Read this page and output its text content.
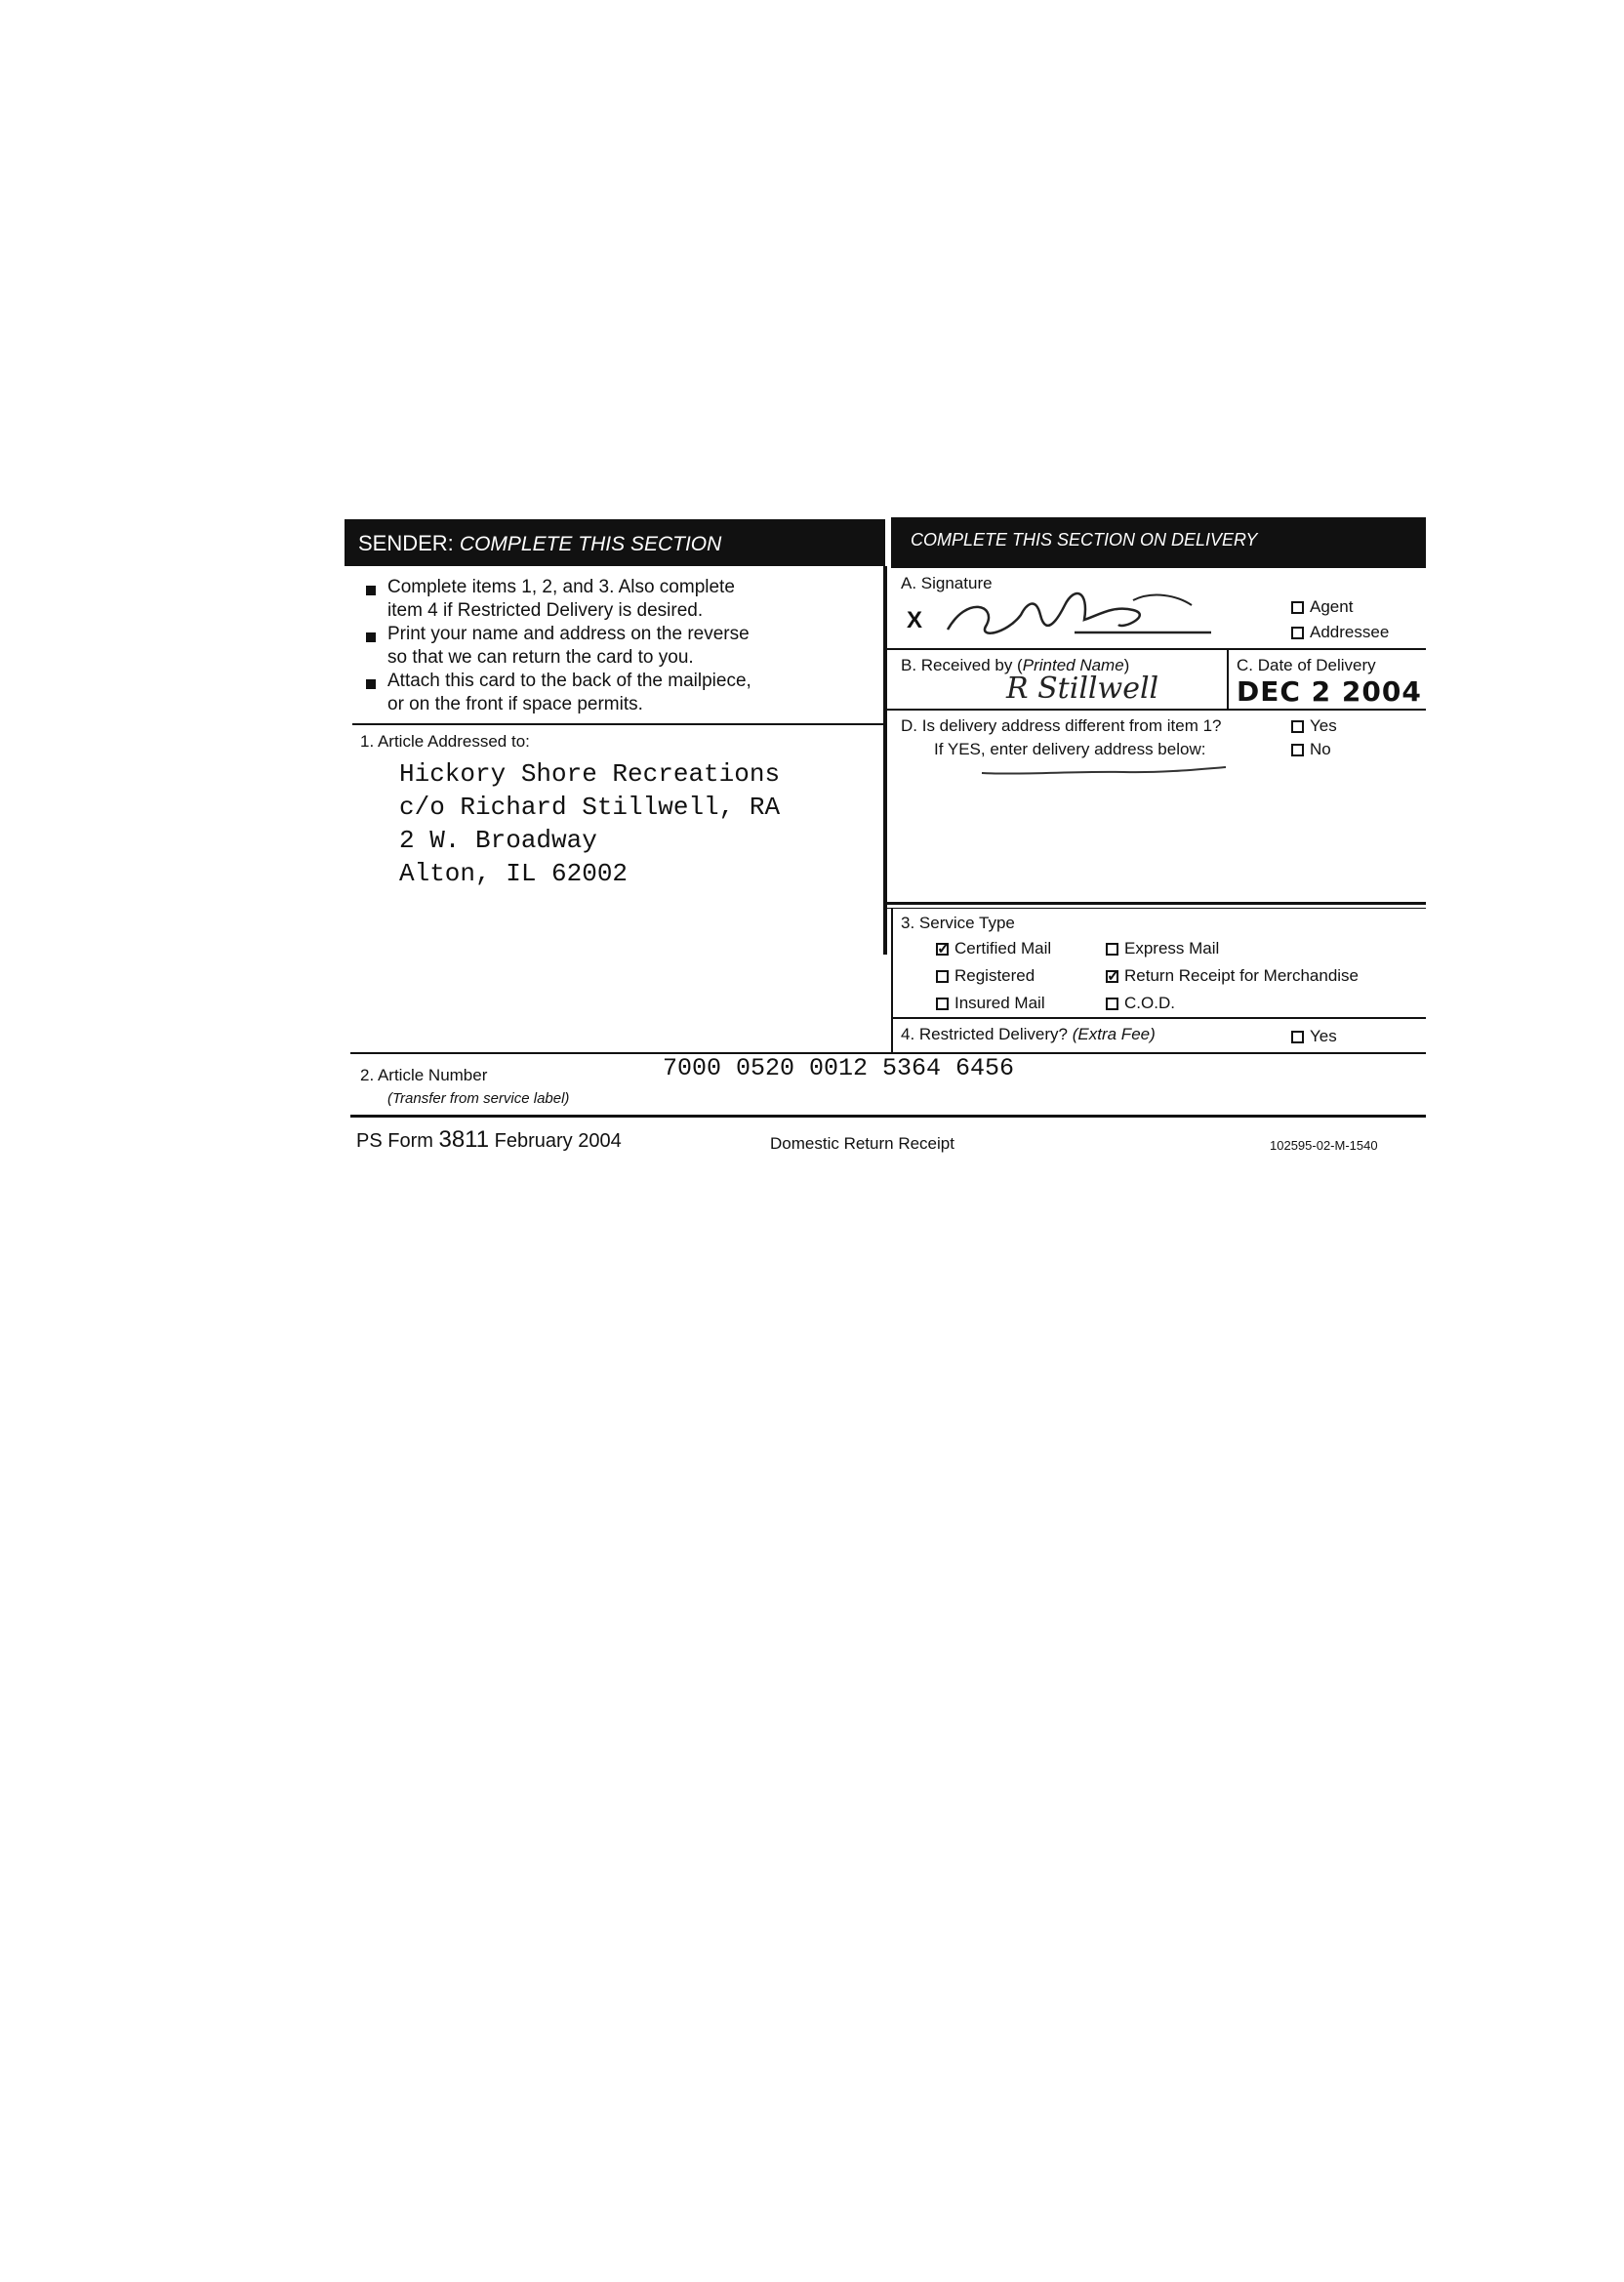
SENDER: COMPLETE THIS SECTION	COMPLETE THIS SECTION ON DELIVERY
Complete items 1, 2, and 3. Also complete
item 4 if Restricted Delivery is desired.
Print your name and address on the reverse
so that we can return the card to you.
Attach this card to the back of the mailpiece,
or on the front if space permits.
1. Article Addressed to:
Hickory Shore Recreations
c/o Richard Stillwell, RA
2 W. Broadway
Alton, IL 62002
A. Signature
X
Agent
Addressee
B. Received by (Printed Name)
R Stillwell
C. Date of Delivery
DEC 2 2004
D. Is delivery address different from item 1?
If YES, enter delivery address below:
Yes
No
3. Service Type
✓Certified Mail	Express Mail
Registered
✓	Return Receipt for Merchandise
Insured Mail	C.O.D.
4. Restricted Delivery? (Extra Fee)	Yes
2. Article Number
(Transfer from service label)
7000 0520 0012 5364 6456
PS Form 3811 February 2004	Domestic Return Receipt	102595-02-M-1540
